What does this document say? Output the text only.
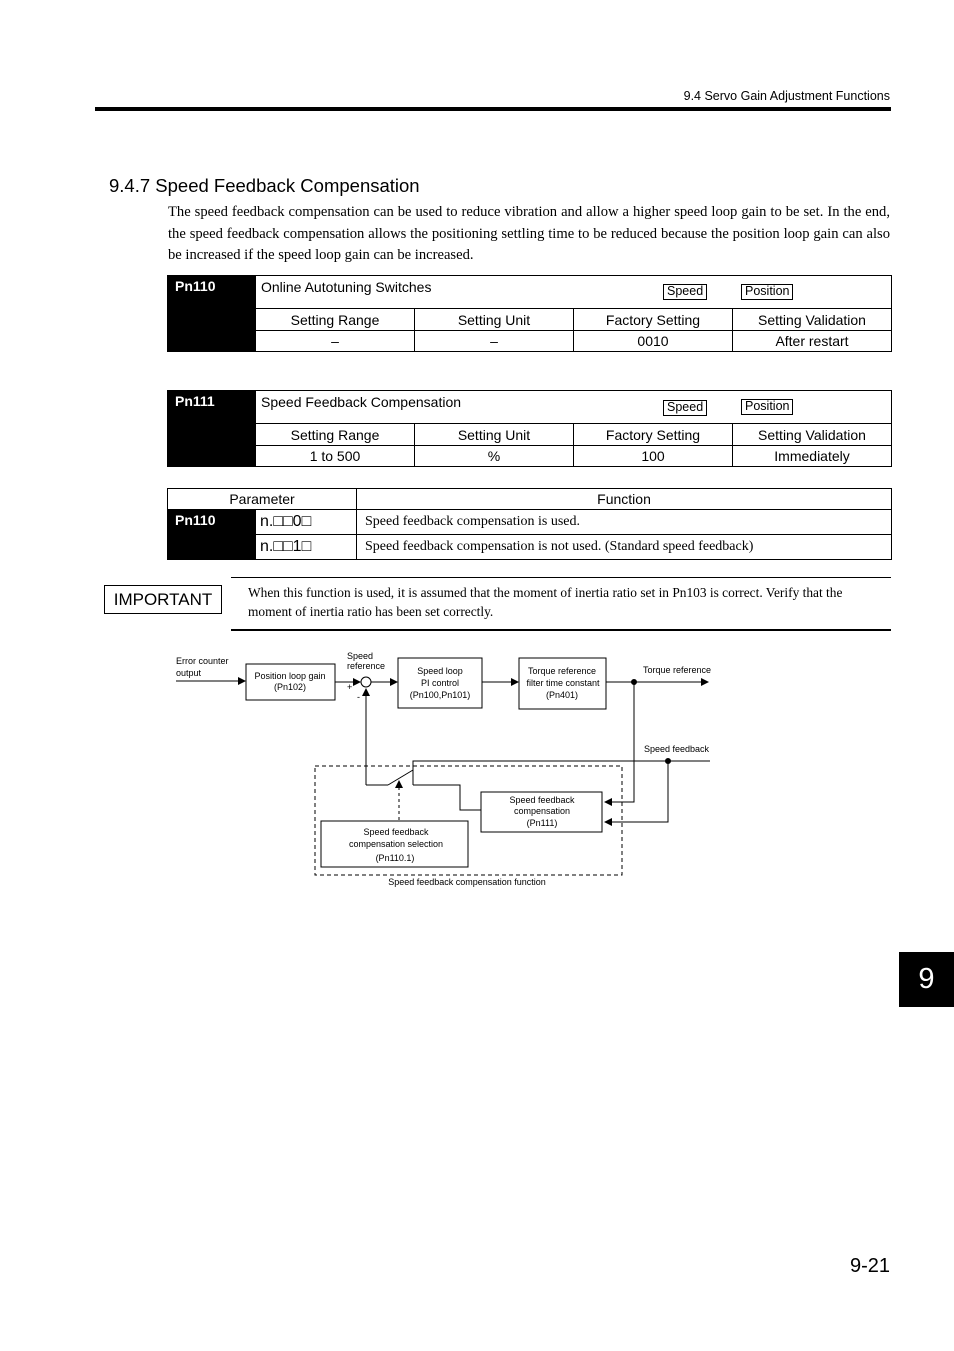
9.4 Servo Gain Adjustment Functions
9.4.7 Speed Feedback Compensation
The speed feedback compensation can be used to reduce vibration and allow a higher speed loop gain to be set. In the end, the speed feedback compensation allows the positioning settling time to be reduced because the position loop gain can also be increased if the speed loop gain can be increased.
Pn110	Online Autotuning Switches Speed Position			

	Setting Range	Setting Unit	Factory Setting	Setting Validation
	–	–	0010	After restart
Pn111	Speed Feedback Compensation Speed Position			

	Setting Range	Setting Unit	Factory Setting	Setting Validation
	1 to 500	%	100	Immediately
Parameter		Function
Pn110	n.□□0□	Speed feedback compensation is used.
	n.□□1□	Speed feedback compensation is not used. (Standard speed feedback)
IMPORTANT	When this function is used, it is assumed that the moment of inertia ratio set in Pn103 is correct. Verify that the moment of inertia ratio has been set correctly.
Error counter
output
Speed
reference
+
-
Position loop gain
(Pn102)
Speed loop
PI control
(Pn100,Pn101)
Torque reference
filter time constant
(Pn401)
Torque reference
Speed feedback
Speed feedback
compensation
(Pn111)
Speed feedback
compensation selection
(Pn110.1)
Speed feedback compensation function
9
9-21
